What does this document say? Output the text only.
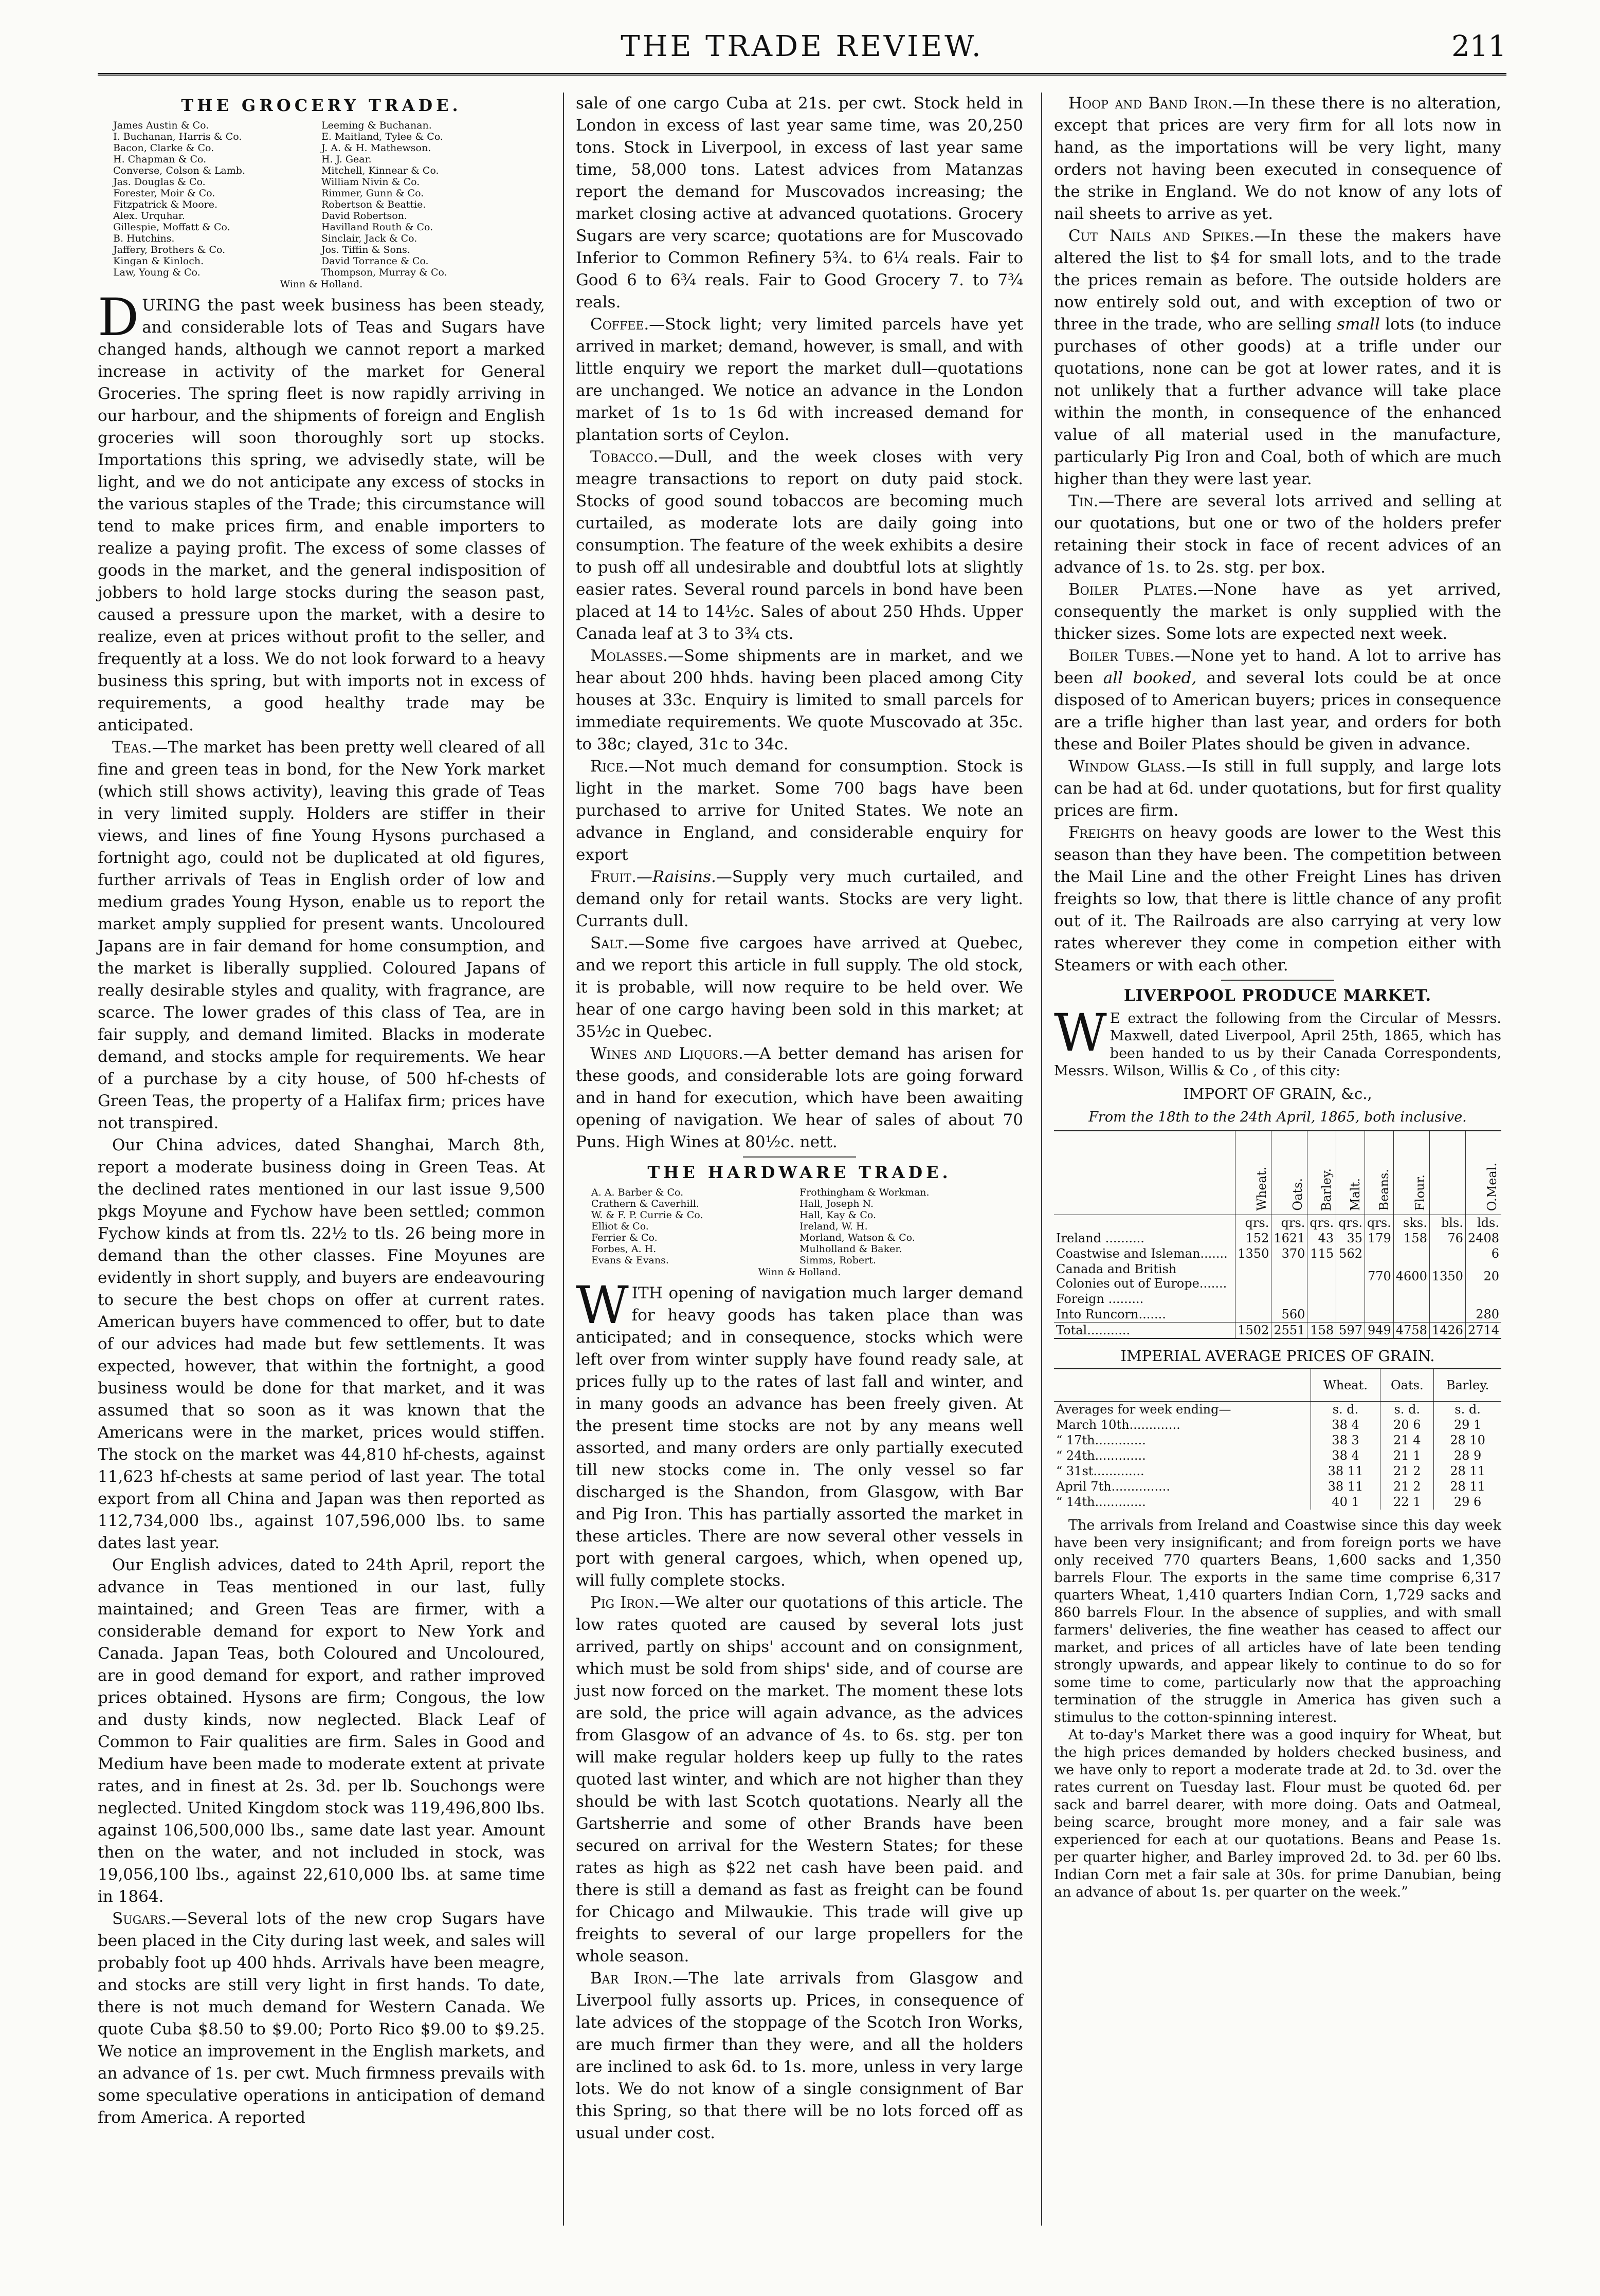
THE TRADE REVIEW.	211
THE GROCERY TRADE.
James Austin & Co.
I. Buchanan, Harris & Co.
Bacon, Clarke & Co.
H. Chapman & Co.
Converse, Colson & Lamb.
Jas. Douglas & Co.
Forester, Moir & Co.
Fitzpatrick & Moore.
Alex. Urquhar.
Gillespie, Moffatt & Co.
B. Hutchins.
Jaffery, Brothers & Co.
Kingan & Kinloch.
Law, Young & Co.
Leeming & Buchanan.
E. Maitland, Tylee & Co.
J. A. & H. Mathewson.
H. J. Gear.
Mitchell, Kinnear & Co.
William Nivin & Co.
Rimmer, Gunn & Co.
Robertson & Beattie.
David Robertson.
Havilland Routh & Co.
Sinclair, Jack & Co.
Jos. Tiffin & Sons.
David Torrance & Co.
Thompson, Murray & Co.
Winn & Holland.

DURING the past week business has been steady, and considerable lots of Teas and Sugars have changed hands, although we cannot report a marked increase in activity of the market for General Groceries. The spring fleet is now rapidly arriving in our harbour, and the shipments of foreign and English groceries will soon thoroughly sort up stocks. Importations this spring, we advisedly state, will be light, and we do not anticipate any excess of stocks in the various staples of the Trade; this circumstance will tend to make prices firm, and enable importers to realize a paying profit. The excess of some classes of goods in the market, and the general indisposition of jobbers to hold large stocks during the season past, caused a pressure upon the market, with a desire to realize, even at prices without profit to the seller, and frequently at a loss. We do not look forward to a heavy business this spring, but with imports not in excess of requirements, a good healthy trade may be anticipated.

Teas.—The market has been pretty well cleared of all fine and green teas in bond, for the New York market (which still shows activity), leaving this grade of Teas in very limited supply. Holders are stiffer in their views, and lines of fine Young Hysons purchased a fortnight ago, could not be duplicated at old figures, further arrivals of Teas in English order of low and medium grades Young Hyson, enable us to report the market amply supplied for present wants. Uncoloured Japans are in fair demand for home consumption, and the market is liberally supplied. Coloured Japans of really desirable styles and quality, with fragrance, are scarce. The lower grades of this class of Tea, are in fair supply, and demand limited. Blacks in moderate demand, and stocks ample for requirements. We hear of a purchase by a city house, of 500 hf-chests of Green Teas, the property of a Halifax firm; prices have not transpired.

Our China advices, dated Shanghai, March 8th, report a moderate business doing in Green Teas. At the declined rates mentioned in our last issue 9,500 pkgs Moyune and Fychow have been settled; common Fychow kinds at from tls. 22½ to tls. 26 being more in demand than the other classes. Fine Moyunes are evidently in short supply, and buyers are endeavouring to secure the best chops on offer at current rates. American buyers have commenced to offer, but to date of our advices had made but few settlements. It was expected, however, that within the fortnight, a good business would be done for that market, and it was assumed that so soon as it was known that the Americans were in the market, prices would stiffen. The stock on the market was 44,810 hf-chests, against 11,623 hf-chests at same period of last year. The total export from all China and Japan was then reported as 112,734,000 lbs., against 107,596,000 lbs. to same dates last year.

Our English advices, dated to 24th April, report the advance in Teas mentioned in our last, fully maintained; and Green Teas are firmer, with a considerable demand for export to New York and Canada. Japan Teas, both Coloured and Uncoloured, are in good demand for export, and rather improved prices obtained. Hysons are firm; Congous, the low and dusty kinds, now neglected. Black Leaf of Common to Fair qualities are firm. Sales in Good and Medium have been made to moderate extent at private rates, and in finest at 2s. 3d. per lb. Souchongs were neglected. United Kingdom stock was 119,496,800 lbs. against 106,500,000 lbs., same date last year. Amount then on the water, and not included in stock, was 19,056,100 lbs., against 22,610,000 lbs. at same time in 1864.

Sugars.—Several lots of the new crop Sugars have been placed in the City during last week, and sales will probably foot up 400 hhds. Arrivals have been meagre, and stocks are still very light in first hands. To date, there is not much demand for Western Canada. We quote Cuba $8.50 to $9.00; Porto Rico $9.00 to $9.25. We notice an improvement in the English markets, and an advance of 1s. per cwt. Much firmness prevails with some speculative operations in anticipation of demand from America. A reported

sale of one cargo Cuba at 21s. per cwt. Stock held in London in excess of last year same time, was 20,250 tons. Stock in Liverpool, in excess of last year same time, 58,000 tons. Latest advices from Matanzas report the demand for Muscovados increasing; the market closing active at advanced quotations. Grocery Sugars are very scarce; quotations are for Muscovado Inferior to Common Refinery 5¾. to 6¼ reals. Fair to Good 6 to 6¾ reals. Fair to Good Grocery 7. to 7¾ reals.

Coffee.—Stock light; very limited parcels have yet arrived in market; demand, however, is small, and with little enquiry we report the market dull—quotations are unchanged. We notice an advance in the London market of 1s to 1s 6d with increased demand for plantation sorts of Ceylon.

Tobacco.—Dull, and the week closes with very meagre transactions to report on duty paid stock. Stocks of good sound tobaccos are becoming much curtailed, as moderate lots are daily going into consumption. The feature of the week exhibits a desire to push off all undesirable and doubtful lots at slightly easier rates. Several round parcels in bond have been placed at 14 to 14½c. Sales of about 250 Hhds. Upper Canada leaf at 3 to 3¾ cts.

Molasses.—Some shipments are in market, and we hear about 200 hhds. having been placed among City houses at 33c. Enquiry is limited to small parcels for immediate requirements. We quote Muscovado at 35c. to 38c; clayed, 31c to 34c.

Rice.—Not much demand for consumption. Stock is light in the market. Some 700 bags have been purchased to arrive for United States. We note an advance in England, and considerable enquiry for export

Fruit.—Raisins.—Supply very much curtailed, and demand only for retail wants. Stocks are very light. Currants dull.

Salt.—Some five cargoes have arrived at Quebec, and we report this article in full supply. The old stock, it is probable, will now require to be held over. We hear of one cargo having been sold in this market; at 35½c in Quebec.

Wines and Liquors.—A better demand has arisen for these goods, and considerable lots are going forward and in hand for execution, which have been awaiting opening of navigation. We hear of sales of about 70 Puns. High Wines at 80½c. nett.

THE HARDWARE TRADE.
A. A. Barber & Co.
Crathern & Caverhill.
W. & F. P. Currie & Co.
Elliot & Co.
Ferrier & Co.
Forbes, A. H.
Evans & Evans.
Frothingham & Workman.
Hall, Joseph N.
Hall, Kay & Co.
Ireland, W. H.
Morland, Watson & Co.
Mulholland & Baker.
Simms, Robert.
Winn & Holland.

WITH opening of navigation much larger demand for heavy goods has taken place than was anticipated; and in consequence, stocks which were left over from winter supply have found ready sale, at prices fully up to the rates of last fall and winter, and in many goods an advance has been freely given. At the present time stocks are not by any means well assorted, and many orders are only partially executed till new stocks come in. The only vessel so far discharged is the Shandon, from Glasgow, with Bar and Pig Iron. This has partially assorted the market in these articles. There are now several other vessels in port with general cargoes, which, when opened up, will fully complete stocks.

Pig Iron.—We alter our quotations of this article. The low rates quoted are caused by several lots just arrived, partly on ships' account and on consignment, which must be sold from ships' side, and of course are just now forced on the market. The moment these lots are sold, the price will again advance, as the advices from Glasgow of an advance of 4s. to 6s. stg. per ton will make regular holders keep up fully to the rates quoted last winter, and which are not higher than they should be with last Scotch quotations. Nearly all the Gartsherrie and some of other Brands have been secured on arrival for the Western States; for these rates as high as $22 net cash have been paid. and there is still a demand as fast as freight can be found for Chicago and Milwaukie. This trade will give up freights to several of our large propellers for the whole season.

Bar Iron.—The late arrivals from Glasgow and Liverpool fully assorts up. Prices, in consequence of late advices of the stoppage of the Scotch Iron Works, are much firmer than they were, and all the holders are inclined to ask 6d. to 1s. more, unless in very large lots. We do not know of a single consignment of Bar this Spring, so that there will be no lots forced off as usual under cost.

Hoop and Band Iron.—In these there is no alteration, except that prices are very firm for all lots now in hand, as the importations will be very light, many orders not having been executed in consequence of the strike in England. We do not know of any lots of nail sheets to arrive as yet.

Cut Nails and Spikes.—In these the makers have altered the list to $4 for small lots, and to the trade the prices remain as before. The outside holders are now entirely sold out, and with exception of two or three in the trade, who are selling small lots (to induce purchases of other goods) at a trifle under our quotations, none can be got at lower rates, and it is not unlikely that a further advance will take place within the month, in consequence of the enhanced value of all material used in the manufacture, particularly Pig Iron and Coal, both of which are much higher than they were last year.

Tin.—There are several lots arrived and selling at our quotations, but one or two of the holders prefer retaining their stock in face of recent advices of an advance of 1s. to 2s. stg. per box.

Boiler Plates.—None have as yet arrived, consequently the market is only supplied with the thicker sizes. Some lots are expected next week.

Boiler Tubes.—None yet to hand. A lot to arrive has been all booked, and several lots could be at once disposed of to American buyers; prices in consequence are a trifle higher than last year, and orders for both these and Boiler Plates should be given in advance.

Window Glass.—Is still in full supply, and large lots can be had at 6d. under quotations, but for first quality prices are firm.

Freights on heavy goods are lower to the West this season than they have been. The competition between the Mail Line and the other Freight Lines has driven freights so low, that there is little chance of any profit out of it. The Railroads are also carrying at very low rates wherever they come in competion either with Steamers or with each other.

LIVERPOOL PRODUCE MARKET.

W E extract the following from the Circular of Messrs. Maxwell, dated Liverpool, April 25th, 1865, which has been handed to us by their Canada Correspondents, Messrs. Wilson, Willis & Co , of this city:

IMPORT OF GRAIN, &c.,
From the 18th to the 24th April, 1865, both inclusive.
	Wheat.	Oats.	Barley.	Malt.	Beans.	Flour.		O.Meal.
	qrs.	qrs.	qrs.	qrs.	qrs.	sks.	bls.	lds.
Ireland ..........	152	1621	43	35	179	158	76	2408
Coastwise and Isleman.......	1350	370	115	562				6
Canada and British Colonies out of Europe.......					770	4600	1350	20
Foreign .........								
Into Runcorn.......		560						280
Total...........	1502	2551	158	597	949	4758	1426	2714
IMPERIAL AVERAGE PRICES OF GRAIN.
	Wheat.	Oats.	Barley.
Averages for week ending—	s. d.	s. d.	s. d.
March 10th.............	38 4	20 6	29 1
“ 17th.............	38 3	21 4	28 10
“ 24th.............	38 4	21 1	28 9
“ 31st.............	38 11	21 2	28 11
April 7th...............	38 11	21 2	28 11
“ 14th.............	40 1	22 1	29 6

The arrivals from Ireland and Coastwise since this day week have been very insignificant; and from foreign ports we have only received 770 quarters Beans, 1,600 sacks and 1,350 barrels Flour. The exports in the same time comprise 6,317 quarters Wheat, 1,410 quarters Indian Corn, 1,729 sacks and 860 barrels Flour. In the absence of supplies, and with small farmers' deliveries, the fine weather has ceased to affect our market, and prices of all articles have of late been tending strongly upwards, and appear likely to continue to do so for some time to come, particularly now that the approaching termination of the struggle in America has given such a stimulus to the cotton-spinning interest.

At to-day's Market there was a good inquiry for Wheat, but the high prices demanded by holders checked business, and we have only to report a moderate trade at 2d. to 3d. over the rates current on Tuesday last. Flour must be quoted 6d. per sack and barrel dearer, with more doing. Oats and Oatmeal, being scarce, brought more money, and a fair sale was experienced for each at our quotations. Beans and Pease 1s. per quarter higher, and Barley improved 2d. to 3d. per 60 lbs. Indian Corn met a fair sale at 30s. for prime Danubian, being an advance of about 1s. per quarter on the week.”
